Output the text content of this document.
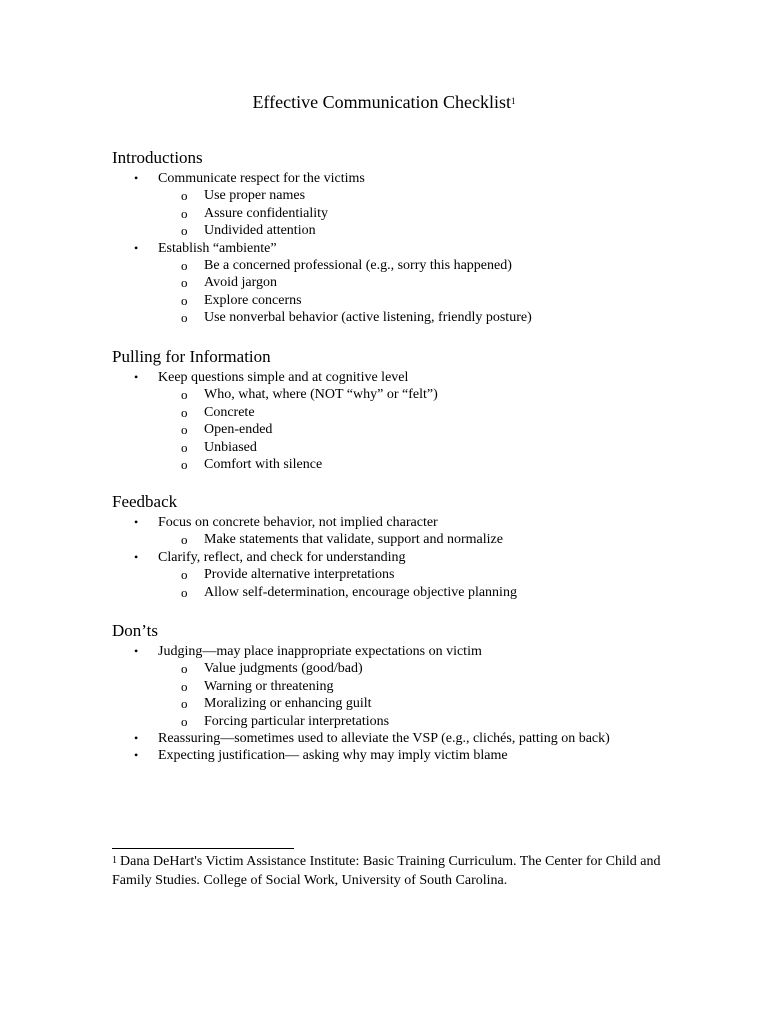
Effective Communication Checklist$^1$
Introductions
• Communicate respect for the victims
o Use proper names
o Assure confidentiality
o Undivided attention
• Establish “ambiente”
o Be a concerned professional (e.g., sorry this happened)
o Avoid jargon
o Explore concerns
o Use nonverbal behavior (active listening, friendly posture)
Pulling for Information
• Keep questions simple and at cognitive level
o Who, what, where (NOT “why” or “felt”)
o Concrete
o Open-ended
o Unbiased
o Comfort with silence
Feedback
• Focus on concrete behavior, not implied character
o Make statements that validate, support and normalize
• Clarify, reflect, and check for understanding
o Provide alternative interpretations
o Allow self-determination, encourage objective planning
Don’ts
• Judging—may place inappropriate expectations on victim
o Value judgments (good/bad)
o Warning or threatening
o Moralizing or enhancing guilt
o Forcing particular interpretations
• Reassuring—sometimes used to alleviate the VSP (e.g., clichés, patting on back)
• Expecting justification— asking why may imply victim blame
$^1$ Dana DeHart's Victim Assistance Institute: Basic Training Curriculum. The Center for Child and Family Studies. College of Social Work, University of South Carolina.
